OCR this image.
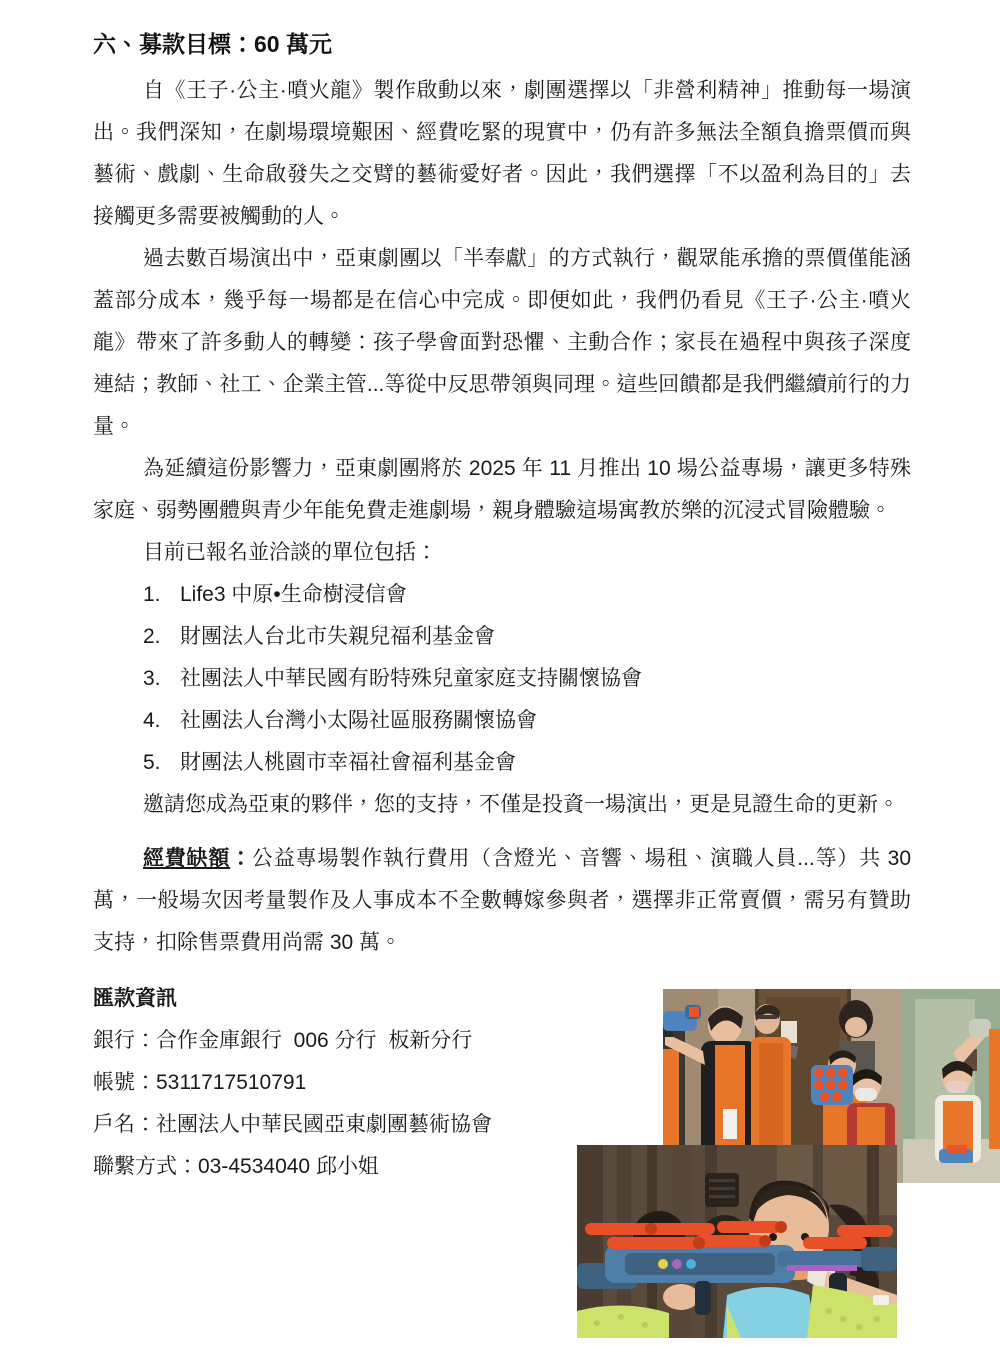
六、募款目標：60 萬元

自《王子·公主·噴火龍》製作啟動以來，劇團選擇以「非營利精神」推動每一場演出。我們深知，在劇場環境艱困、經費吃緊的現實中，仍有許多無法全額負擔票價而與藝術、戲劇、生命啟發失之交臂的藝術愛好者。因此，我們選擇「不以盈利為目的」去接觸更多需要被觸動的人。

過去數百場演出中，亞東劇團以「半奉獻」的方式執行，觀眾能承擔的票價僅能涵蓋部分成本，幾乎每一場都是在信心中完成。即便如此，我們仍看見《王子·公主·噴火龍》帶來了許多動人的轉變：孩子學會面對恐懼、主動合作；家長在過程中與孩子深度連結；教師、社工、企業主管...等從中反思帶領與同理。這些回饋都是我們繼續前行的力量。

為延續這份影響力，亞東劇團將於 2025 年 11 月推出 10 場公益專場，讓更多特殊家庭、弱勢團體與青少年能免費走進劇場，親身體驗這場寓教於樂的沉浸式冒險體驗。

目前已報名並洽談的單位包括：

1. Life3 中原•生命樹浸信會
2. 財團法人台北市失親兒福利基金會
3. 社團法人中華民國有盼特殊兒童家庭支持關懷協會
4. 社團法人台灣小太陽社區服務關懷協會
5. 財團法人桃園市幸福社會福利基金會

邀請您成為亞東的夥伴，您的支持，不僅是投資一場演出，更是見證生命的更新。

經費缺額：公益專場製作執行費用（含燈光、音響、場租、演職人員...等）共 30 萬，一般場次因考量製作及人事成本不全數轉嫁參與者，選擇非正常賣價，需另有贊助支持，扣除售票費用尚需 30 萬。

匯款資訊

銀行：合作金庫銀行  006 分行  板新分行

帳號：5311717510791

戶名：社團法人中華民國亞東劇團藝術協會

聯繫方式：03-4534040 邱小姐
